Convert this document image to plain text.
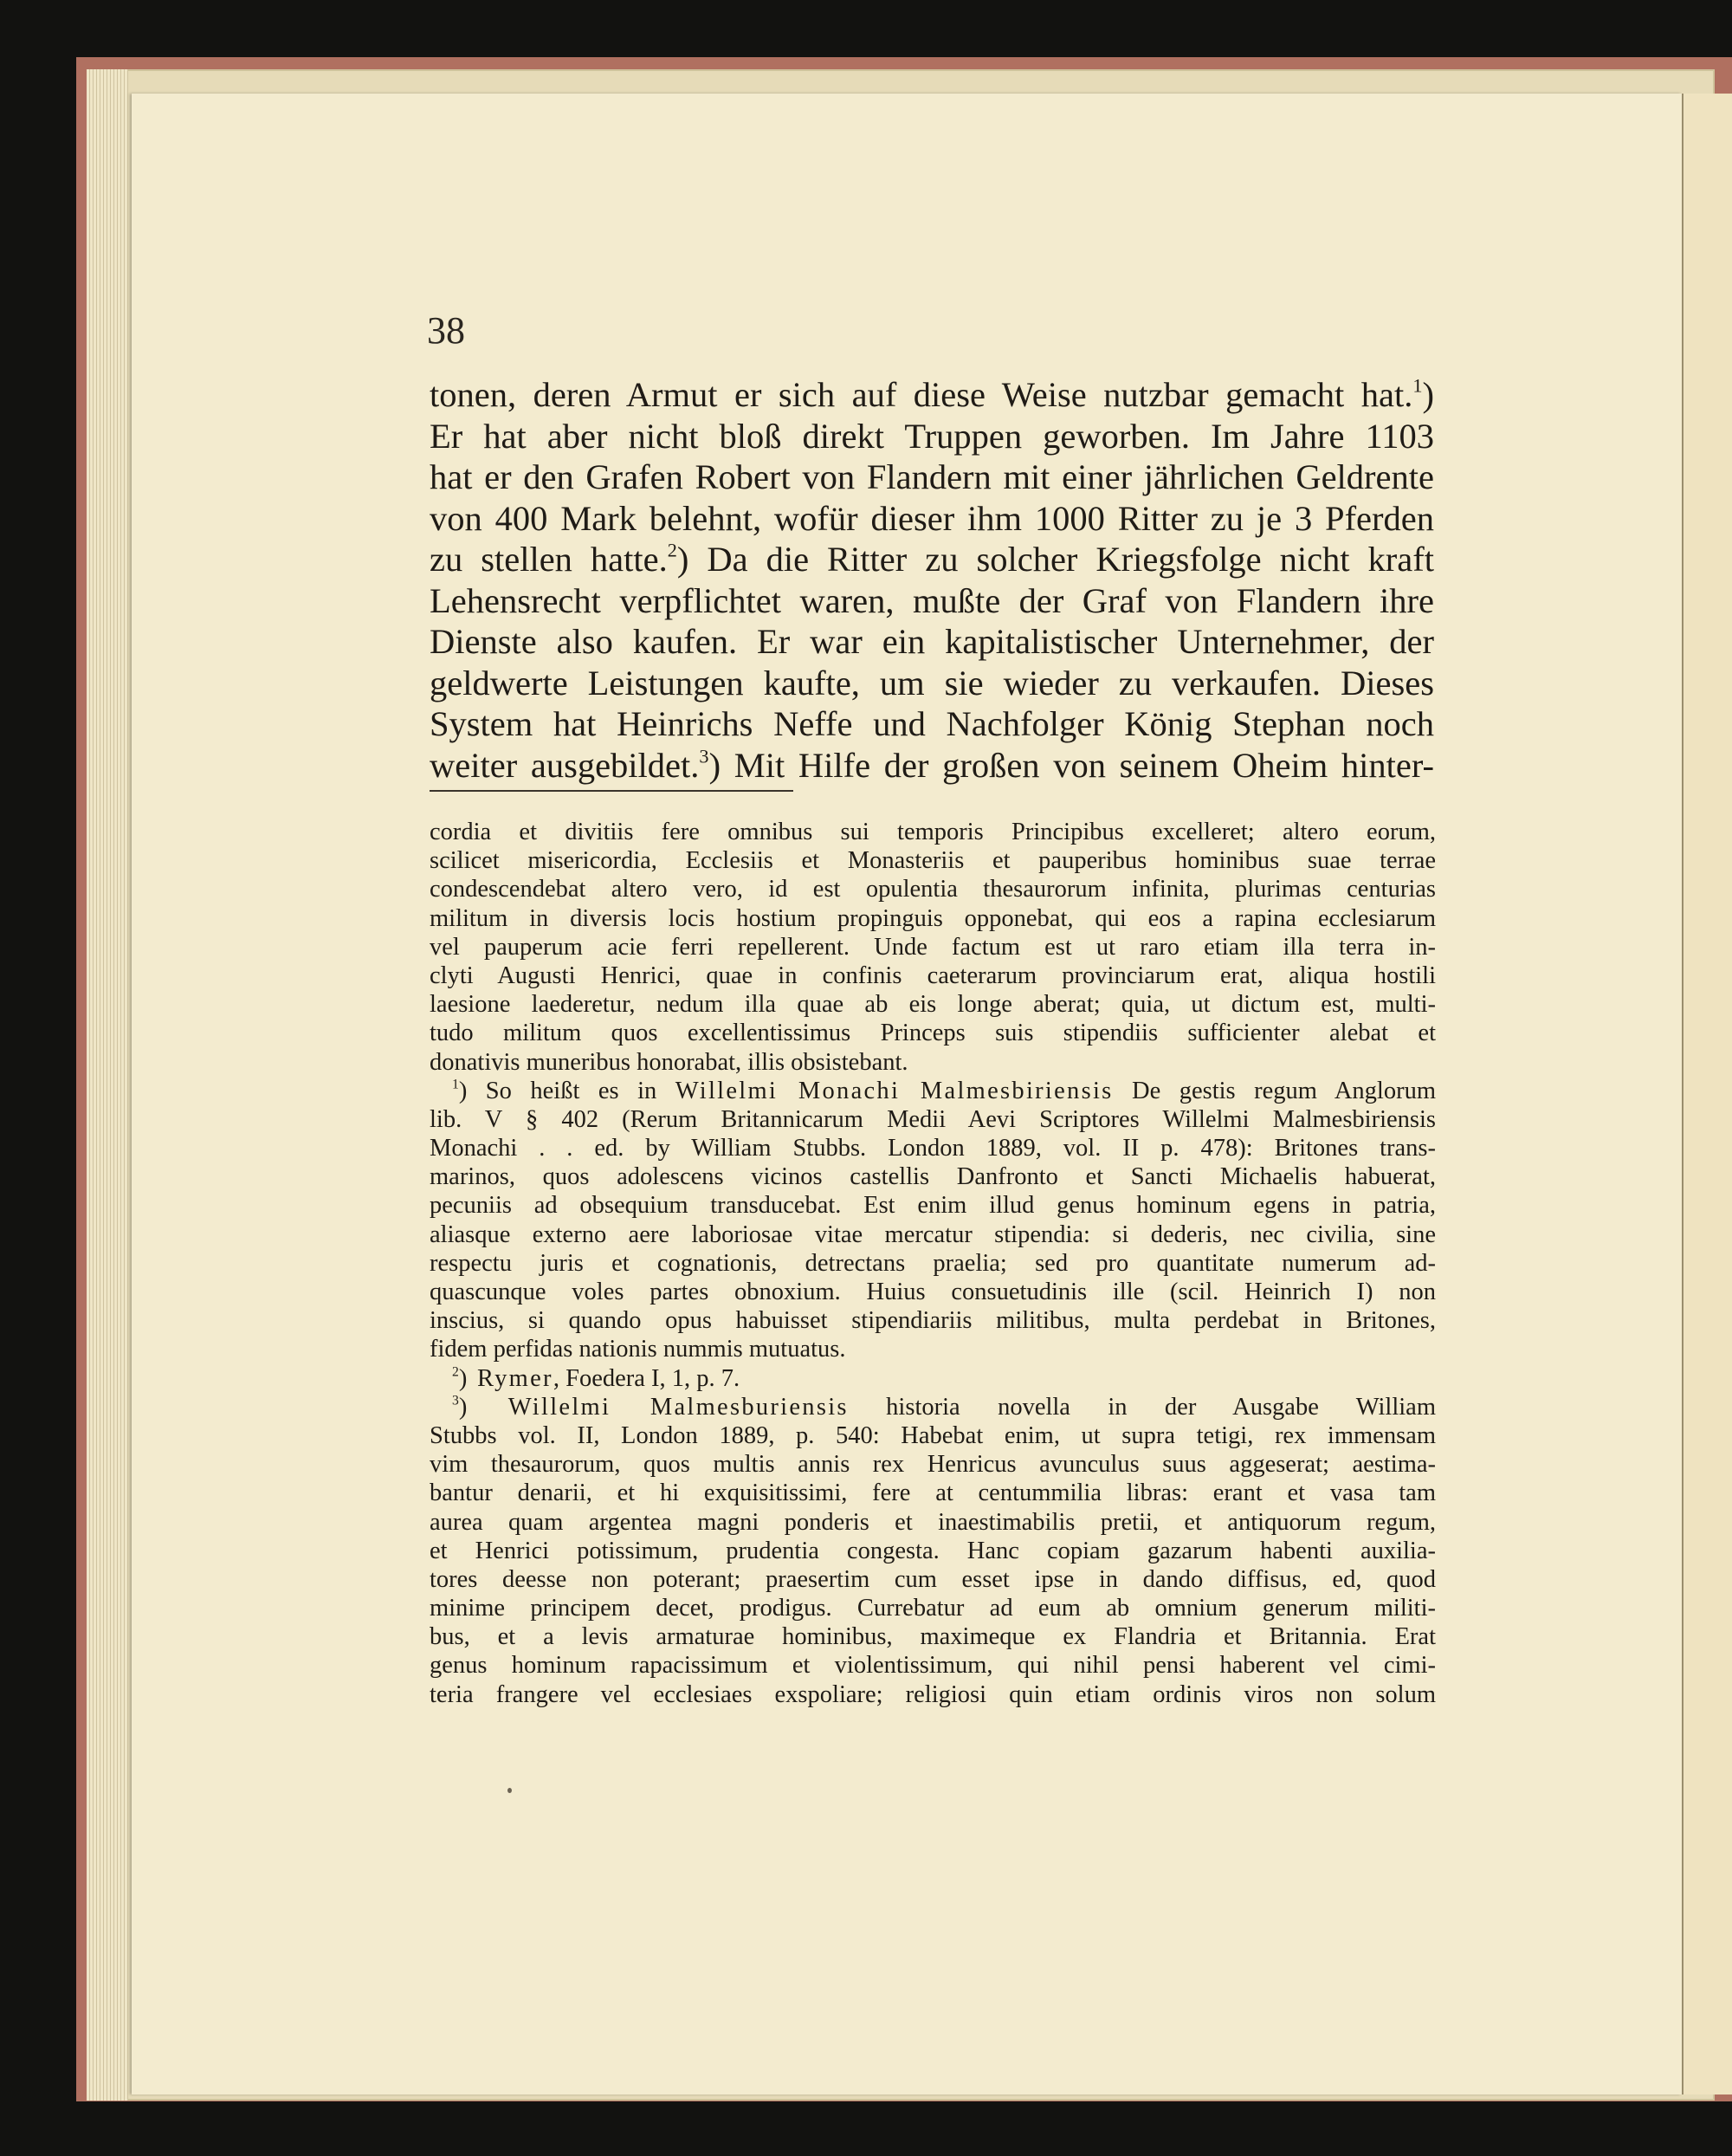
38
tonen, deren Armut er sich auf diese Weise nutzbar gemacht hat.$^1$)
Er hat aber nicht bloß direkt Truppen geworben. Im Jahre 1103
hat er den Grafen Robert von Flandern mit einer jährlichen Geldrente
von 400 Mark belehnt, wofür dieser ihm 1000 Ritter zu je 3 Pferden
zu stellen hatte.$^2$) Da die Ritter zu solcher Kriegsfolge nicht kraft
Lehensrecht verpflichtet waren, mußte der Graf von Flandern ihre
Dienste also kaufen. Er war ein kapitalistischer Unternehmer, der
geldwerte Leistungen kaufte, um sie wieder zu verkaufen. Dieses
System hat Heinrichs Neffe und Nachfolger König Stephan noch
weiter ausgebildet.$^3$) Mit Hilfe der großen von seinem Oheim hinter-
cordia et divitiis fere omnibus sui temporis Principibus excelleret; altero eorum,
scilicet misericordia, Ecclesiis et Monasteriis et pauperibus hominibus suae terrae
condescendebat altero vero, id est opulentia thesaurorum infinita, plurimas centurias
militum in diversis locis hostium propinguis opponebat, qui eos a rapina ecclesiarum
vel pauperum acie ferri repellerent. Unde factum est ut raro etiam illa terra in-
clyti Augusti Henrici, quae in confinis caeterarum provinciarum erat, aliqua hostili
laesione laederetur, nedum illa quae ab eis longe aberat; quia, ut dictum est, multi-
tudo militum quos excellentissimus Princeps suis stipendiis sufficienter alebat et
donativis muneribus honorabat, illis obsistebant.
$^1$) So heißt es in Willelmi Monachi Malmesbiriensis De gestis regum Anglorum
lib. V § 402 (Rerum Britannicarum Medii Aevi Scriptores Willelmi Malmesbiriensis
Monachi . . ed. by William Stubbs. London 1889, vol. II p. 478): Britones trans-
marinos, quos adolescens vicinos castellis Danfronto et Sancti Michaelis habuerat,
pecuniis ad obsequium transducebat. Est enim illud genus hominum egens in patria,
aliasque externo aere laboriosae vitae mercatur stipendia: si dederis, nec civilia, sine
respectu juris et cognationis, detrectans praelia; sed pro quantitate numerum ad-
quascunque voles partes obnoxium. Huius consuetudinis ille (scil. Heinrich I) non
inscius, si quando opus habuisset stipendiariis militibus, multa perdebat in Britones,
fidem perfidas nationis nummis mutuatus.
$^2$) Rymer, Foedera I, 1, p. 7.
$^3$) Willelmi Malmesburiensis historia novella in der Ausgabe William
Stubbs vol. II, London 1889, p. 540: Habebat enim, ut supra tetigi, rex immensam
vim thesaurorum, quos multis annis rex Henricus avunculus suus aggeserat; aestima-
bantur denarii, et hi exquisitissimi, fere at centummilia libras: erant et vasa tam
aurea quam argentea magni ponderis et inaestimabilis pretii, et antiquorum regum,
et Henrici potissimum, prudentia congesta. Hanc copiam gazarum habenti auxilia-
tores deesse non poterant; praesertim cum esset ipse in dando diffisus, ed, quod
minime principem decet, prodigus. Currebatur ad eum ab omnium generum militi-
bus, et a levis armaturae hominibus, maximeque ex Flandria et Britannia. Erat
genus hominum rapacissimum et violentissimum, qui nihil pensi haberent vel cimi-
teria frangere vel ecclesiaes exspoliare; religiosi quin etiam ordinis viros non solum
